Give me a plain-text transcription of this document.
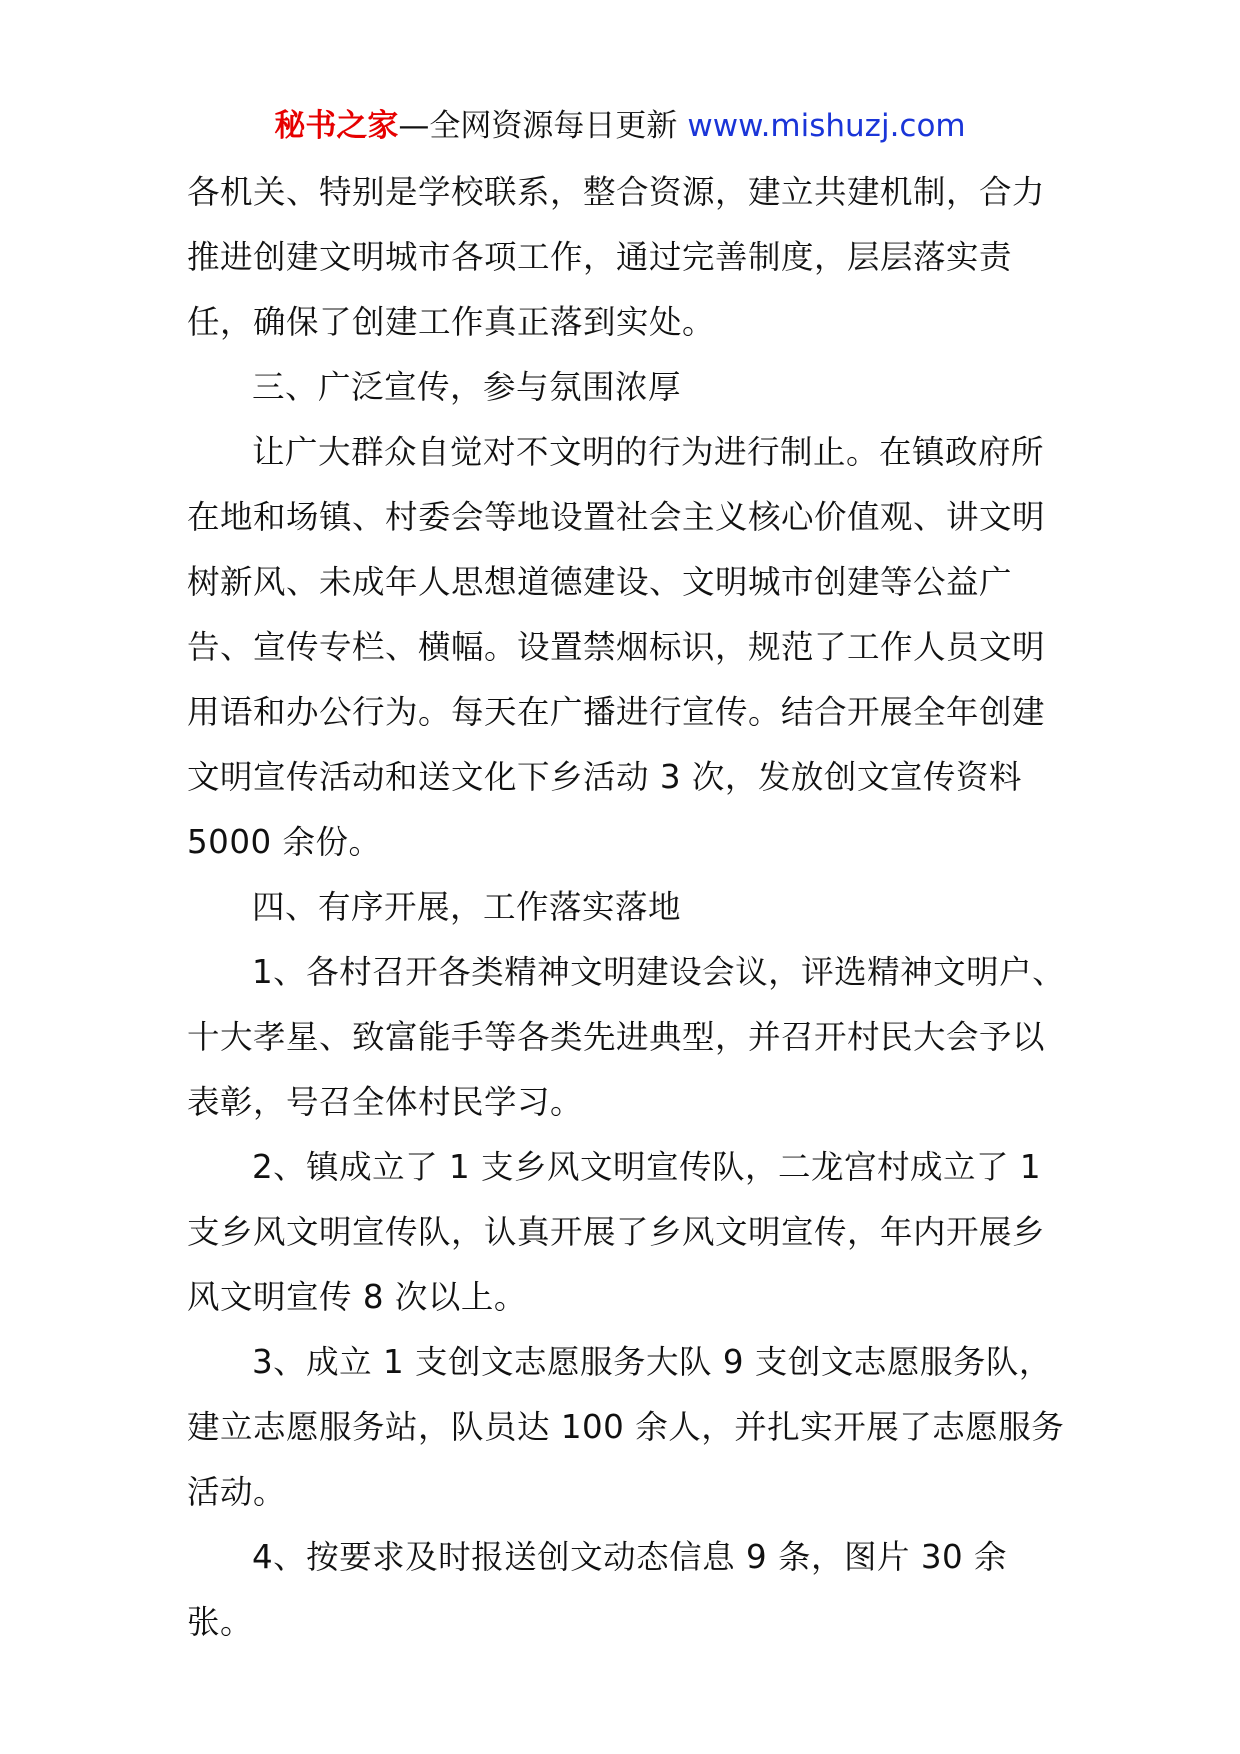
秘书之家—全网资源每日更新 www.mishuzj.com

各机关、特别是学校联系，整合资源，建立共建机制，合力推进创建文明城市各项工作，通过完善制度，层层落实责任，确保了创建工作真正落到实处。

三、广泛宣传，参与氛围浓厚

让广大群众自觉对不文明的行为进行制止。在镇政府所在地和场镇、村委会等地设置社会主义核心价值观、讲文明树新风、未成年人思想道德建设、文明城市创建等公益广告、宣传专栏、横幅。设置禁烟标识，规范了工作人员文明用语和办公行为。每天在广播进行宣传。结合开展全年创建文明宣传活动和送文化下乡活动 3 次，发放创文宣传资料 5000 余份。

四、有序开展，工作落实落地

1、各村召开各类精神文明建设会议，评选精神文明户、十大孝星、致富能手等各类先进典型，并召开村民大会予以表彰，号召全体村民学习。

2、镇成立了 1 支乡风文明宣传队，二龙宫村成立了 1 支乡风文明宣传队，认真开展了乡风文明宣传，年内开展乡风文明宣传 8 次以上。

3、成立 1 支创文志愿服务大队 9 支创文志愿服务队，建立志愿服务站，队员达 100 余人，并扎实开展了志愿服务活动。

4、按要求及时报送创文动态信息 9 条，图片 30 余张。
